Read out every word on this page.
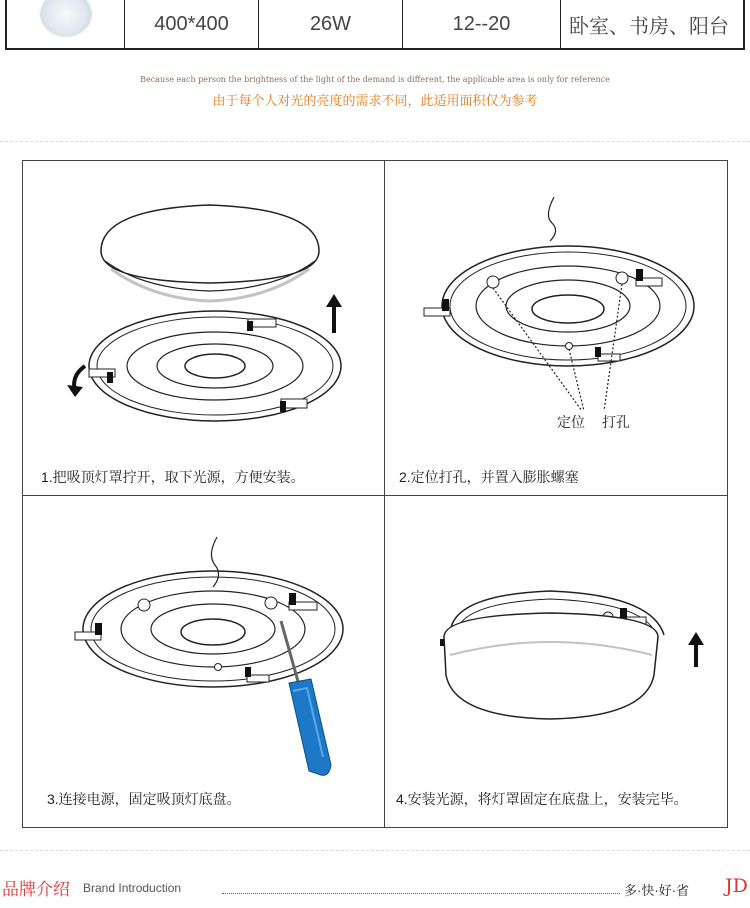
400*400	26W	12--20	卧室、书房、阳台
Because each person the brightness of the light of the demand is different, the applicable area is only for reference
由于每个人对光的亮度的需求不同，此适用面积仅为参考
1.把吸顶灯罩拧开，取下光源，方便安装。
定位 打孔
2.定位打孔，并置入膨胀螺塞
3.连接电源，固定吸顶灯底盘。	4.安装光源，将灯罩固定在底盘上，安装完毕。
品牌介绍 Brand Introduction	多·快·好·省 JD
